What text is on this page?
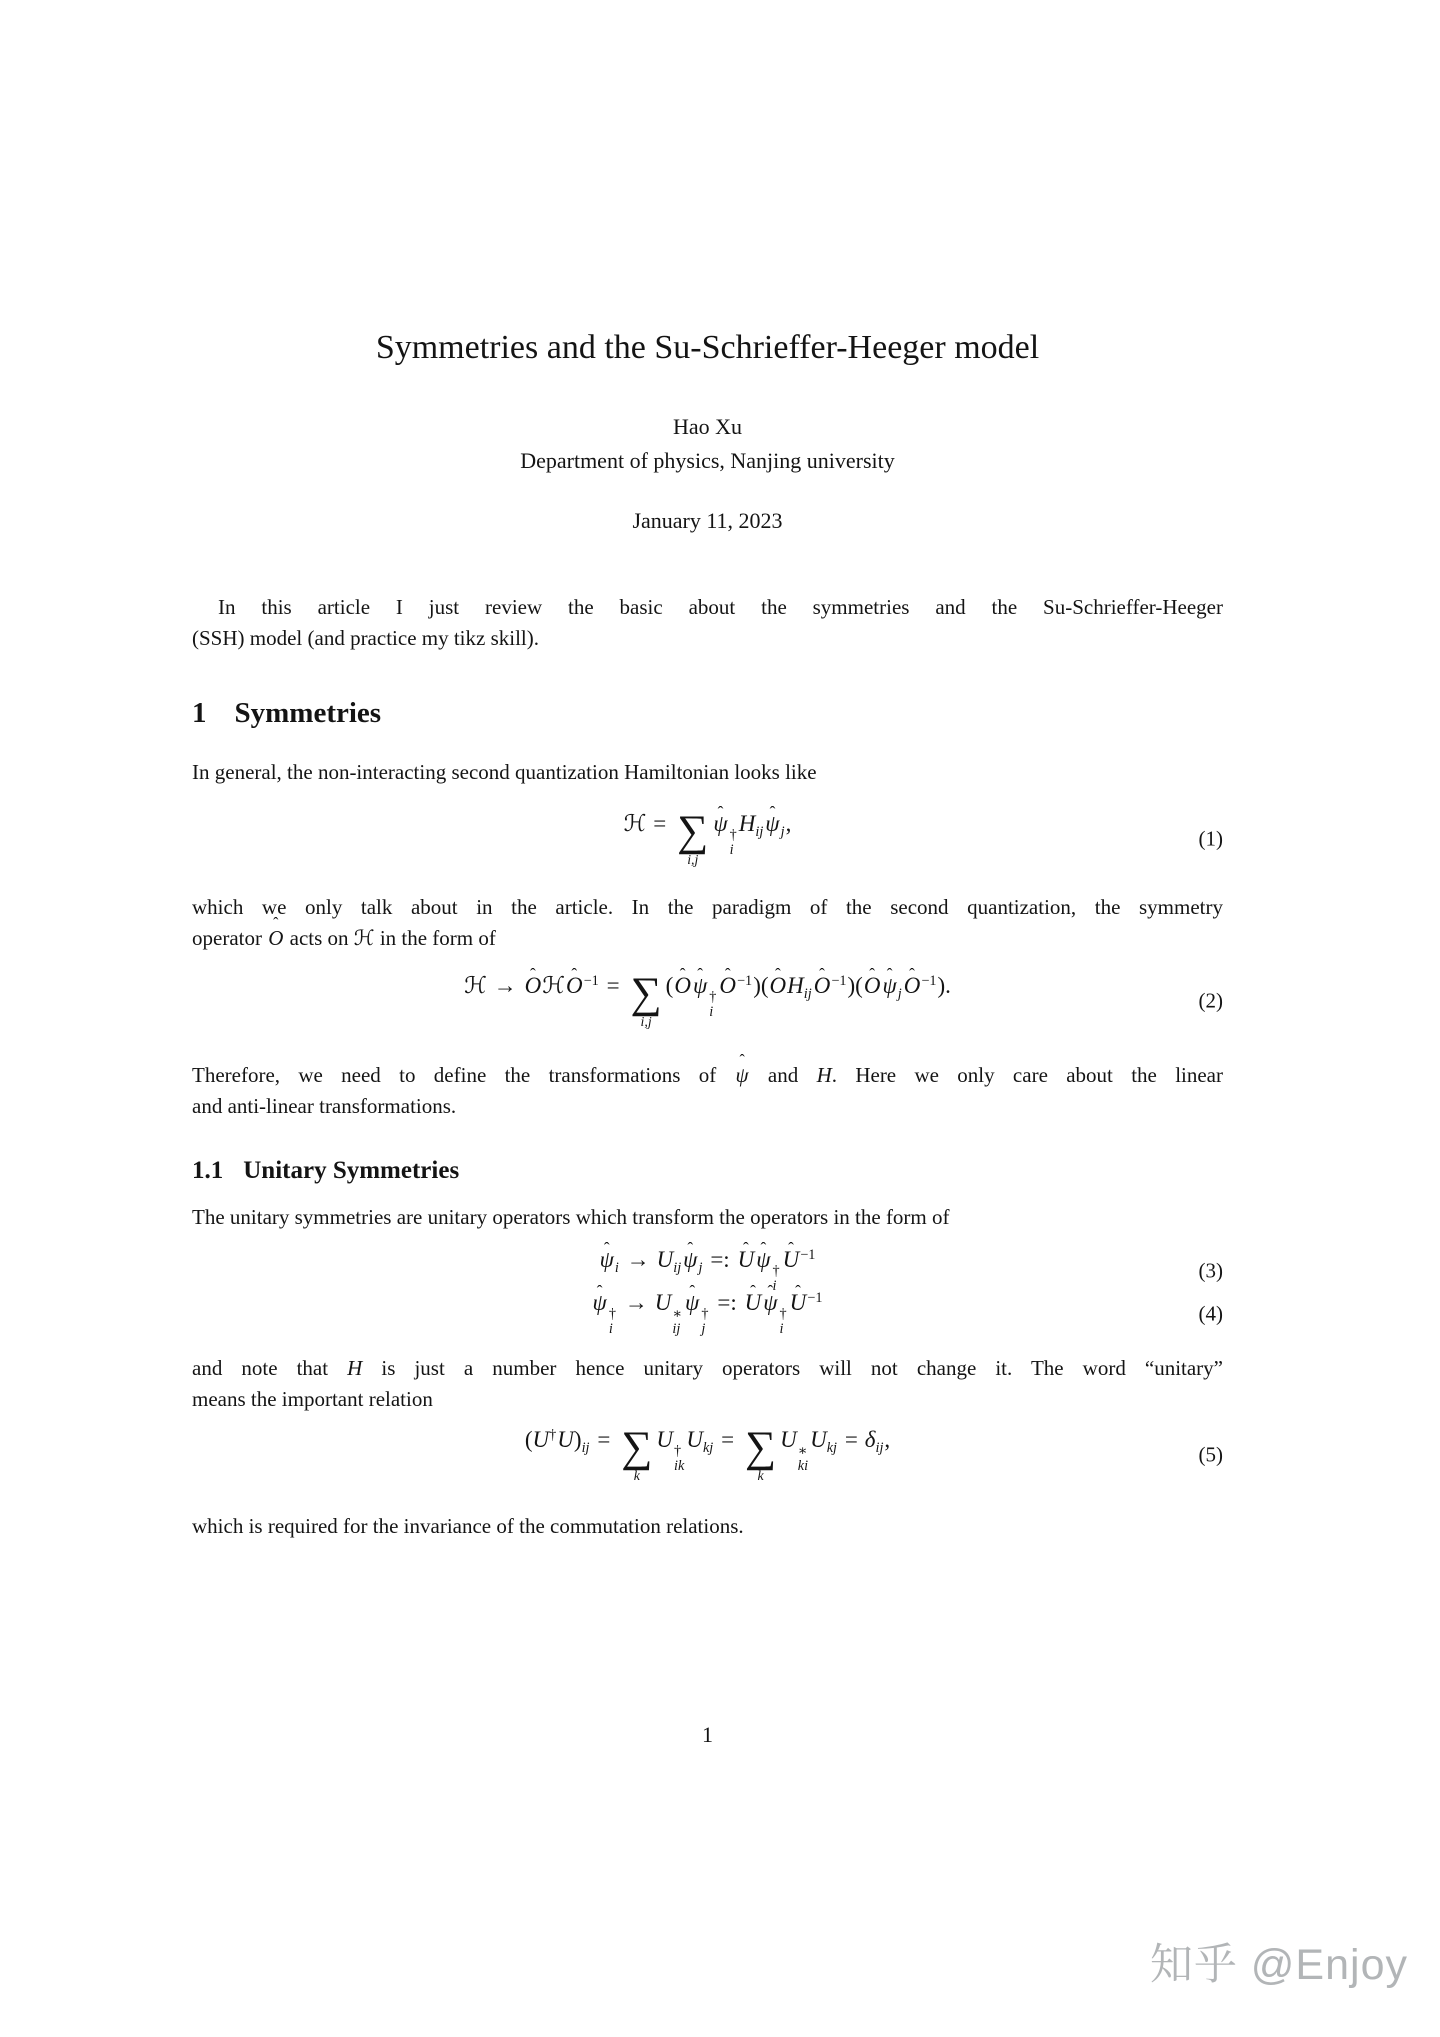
Symmetries and the Su-Schrieffer-Heeger model
Hao Xu
Department of physics, Nanjing university
January 11, 2023
In this article I just review the basic about the symmetries and the Su-Schrieffer-Heeger
(SSH) model (and practice my tikz skill).
1 Symmetries
In general, the non-interacting second quantization Hamiltonian looks like
ℋ = ∑
i,j
ψ ˆ †
i
$H_{ij}\psi$ ˆ$_j$,
(1)
which we only talk about in the article. In the paradigm of the second quantization, the symmetry
operator O ˆ acts on ℋ in the form of
ℋ → O ˆℋO ˆ$^{-1}$ = ∑
i,j
(O ˆψ ˆ †
i
O ˆ$^{-1}$)(O ˆH$_{ij}$O ˆ$^{-1}$)(O ˆψ ˆ$_j$O ˆ$^{-1}$).
(2)
Therefore, we need to define the transformations of ψ ˆ and H. Here we only care about the linear
and anti-linear transformations.
1.1 Unitary Symmetries
The unitary symmetries are unitary operators which transform the operators in the form of
ψ ˆ$_i$ → $U_{ij}\psi$ ˆ$_j$ =: U ˆψ ˆ †
i
U ˆ$^{-1}$
(3)
ψ ˆ †
i
→ U ∗
ij
ψ ˆ †
j
=: U ˆψ ˆ †
i
U ˆ$^{-1}$
(4)
and note that H is just a number hence unitary operators will not change it. The word “unitary”
means the important relation
$(U^\dagger U)_{ij}$ = ∑
k
U †
ik
$U_{kj}$ = ∑
k
U ∗
ki
$U_{kj} = \delta_{ij}$,
(5)
which is required for the invariance of the commutation relations.
1
知乎 @Enjoy
